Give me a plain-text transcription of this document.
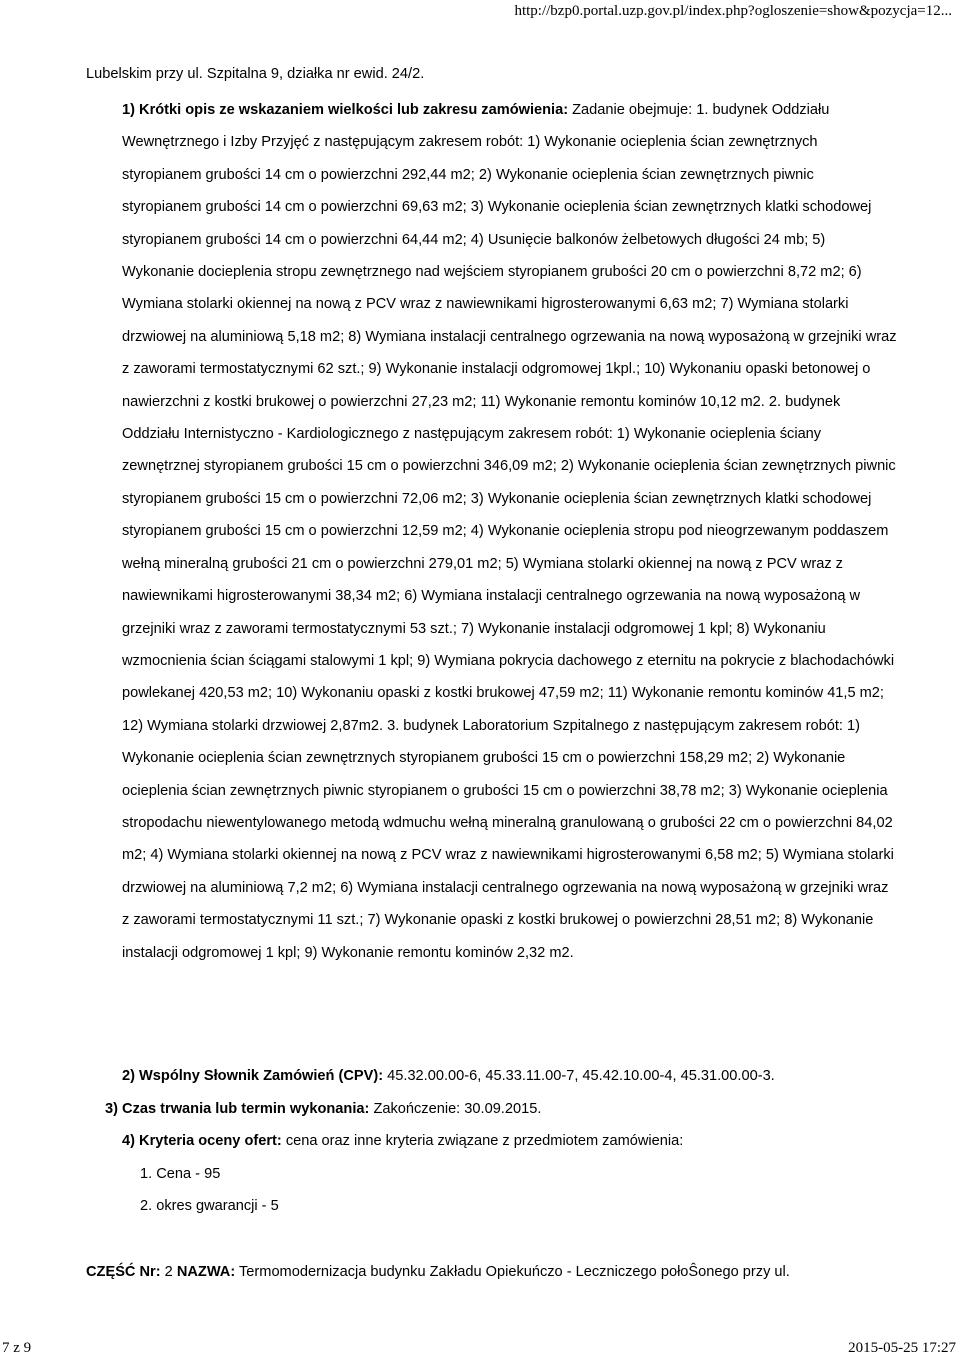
http://bzp0.portal.uzp.gov.pl/index.php?ogloszenie=show&pozycja=12...
Lubelskim przy ul. Szpitalna 9, działka nr ewid. 24/2.

1) Krótki opis ze wskazaniem wielkości lub zakresu zamówienia: Zadanie obejmuje: 1. budynek Oddziału Wewnętrznego i Izby Przyjęć z następującym zakresem robót: 1) Wykonanie ocieplenia ścian zewnętrznych styropianem grubości 14 cm o powierzchni 292,44 m2; 2) Wykonanie ocieplenia ścian zewnętrznych piwnic styropianem grubości 14 cm o powierzchni 69,63 m2; 3) Wykonanie ocieplenia ścian zewnętrznych klatki schodowej styropianem grubości 14 cm o powierzchni 64,44 m2; 4) Usunięcie balkonów żelbetowych długości 24 mb; 5) Wykonanie docieplenia stropu zewnętrznego nad wejściem styropianem grubości 20 cm o powierzchni 8,72 m2; 6) Wymiana stolarki okiennej na nową z PCV wraz z nawiewnikami higrosterowanymi 6,63 m2; 7) Wymiana stolarki drzwiowej na aluminiową 5,18 m2; 8) Wymiana instalacji centralnego ogrzewania na nową wyposażoną w grzejniki wraz z zaworami termostatycznymi 62 szt.; 9) Wykonanie instalacji odgromowej 1kpl.; 10) Wykonaniu opaski betonowej o nawierzchni z kostki brukowej o powierzchni 27,23 m2; 11) Wykonanie remontu kominów 10,12 m2. 2. budynek Oddziału Internistyczno - Kardiologicznego z następującym zakresem robót: 1) Wykonanie ocieplenia ściany zewnętrznej styropianem grubości 15 cm o powierzchni 346,09 m2; 2) Wykonanie ocieplenia ścian zewnętrznych piwnic styropianem grubości 15 cm o powierzchni 72,06 m2; 3) Wykonanie ocieplenia ścian zewnętrznych klatki schodowej styropianem grubości 15 cm o powierzchni 12,59 m2; 4) Wykonanie ocieplenia stropu pod nieogrzewanym poddaszem wełną mineralną grubości 21 cm o powierzchni 279,01 m2; 5) Wymiana stolarki okiennej na nową z PCV wraz z nawiewnikami higrosterowanymi 38,34 m2; 6) Wymiana instalacji centralnego ogrzewania na nową wyposażoną w grzejniki wraz z zaworami termostatycznymi 53 szt.; 7) Wykonanie instalacji odgromowej 1 kpl; 8) Wykonaniu wzmocnienia ścian ściągami stalowymi 1 kpl; 9) Wymiana pokrycia dachowego z eternitu na pokrycie z blachodachówki powlekanej 420,53 m2; 10) Wykonaniu opaski z kostki brukowej 47,59 m2; 11) Wykonanie remontu kominów 41,5 m2; 12) Wymiana stolarki drzwiowej 2,87m2. 3. budynek Laboratorium Szpitalnego z następującym zakresem robót: 1) Wykonanie ocieplenia ścian zewnętrznych styropianem grubości 15 cm o powierzchni 158,29 m2; 2) Wykonanie ocieplenia ścian zewnętrznych piwnic styropianem o grubości 15 cm o powierzchni 38,78 m2; 3) Wykonanie ocieplenia stropodachu niewentylowanego metodą wdmuchu wełną mineralną granulowaną o grubości 22 cm o powierzchni 84,02 m2; 4) Wymiana stolarki okiennej na nową z PCV wraz z nawiewnikami higrosterowanymi 6,58 m2; 5) Wymiana stolarki drzwiowej na aluminiową 7,2 m2; 6) Wymiana instalacji centralnego ogrzewania na nową wyposażoną w grzejniki wraz z zaworami termostatycznymi 11 szt.; 7) Wykonanie opaski z kostki brukowej o powierzchni 28,51 m2; 8) Wykonanie instalacji odgromowej 1 kpl; 9) Wykonanie remontu kominów 2,32 m2.

2) Wspólny Słownik Zamówień (CPV): 45.32.00.00-6, 45.33.11.00-7, 45.42.10.00-4, 45.31.00.00-3.
3) Czas trwania lub termin wykonania: Zakończenie: 30.09.2015.
4) Kryteria oceny ofert: cena oraz inne kryteria związane z przedmiotem zamówienia:
1. Cena - 95
2. okres gwarancji - 5
CZĘŚĆ Nr: 2 NAZWA: Termomodernizacja budynku Zakładu Opiekuńczo - Leczniczego połoŜonego przy ul.
7 z 9	2015-05-25 17:27
